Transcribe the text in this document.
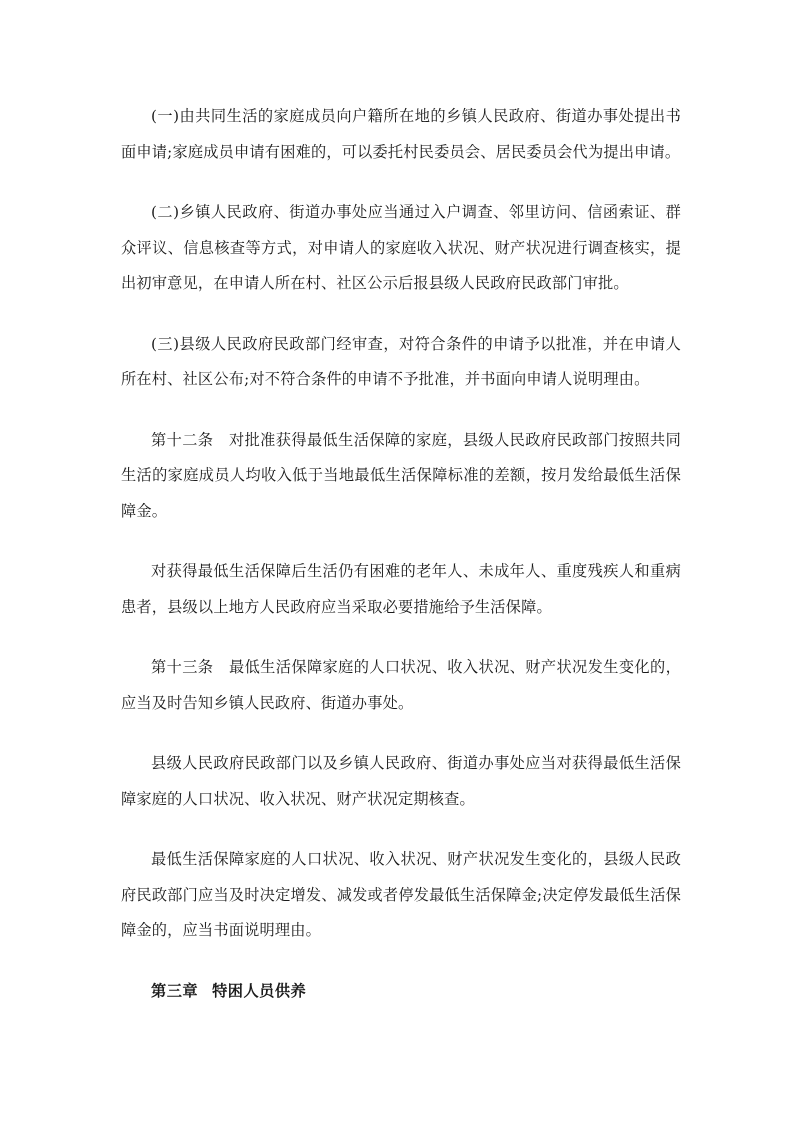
(一)由共同生活的家庭成员向户籍所在地的乡镇人民政府、街道办事处提出书面申请;家庭成员申请有困难的，可以委托村民委员会、居民委员会代为提出申请。

(二)乡镇人民政府、街道办事处应当通过入户调查、邻里访问、信函索证、群众评议、信息核查等方式，对申请人的家庭收入状况、财产状况进行调查核实，提出初审意见，在申请人所在村、社区公示后报县级人民政府民政部门审批。

(三)县级人民政府民政部门经审查，对符合条件的申请予以批准，并在申请人所在村、社区公布;对不符合条件的申请不予批准，并书面向申请人说明理由。

第十二条　对批准获得最低生活保障的家庭，县级人民政府民政部门按照共同生活的家庭成员人均收入低于当地最低生活保障标准的差额，按月发给最低生活保障金。

对获得最低生活保障后生活仍有困难的老年人、未成年人、重度残疾人和重病患者，县级以上地方人民政府应当采取必要措施给予生活保障。

第十三条　最低生活保障家庭的人口状况、收入状况、财产状况发生变化的，应当及时告知乡镇人民政府、街道办事处。

县级人民政府民政部门以及乡镇人民政府、街道办事处应当对获得最低生活保障家庭的人口状况、收入状况、财产状况定期核查。

最低生活保障家庭的人口状况、收入状况、财产状况发生变化的，县级人民政府民政部门应当及时决定增发、减发或者停发最低生活保障金;决定停发最低生活保障金的，应当书面说明理由。

第三章 特困人员供养
